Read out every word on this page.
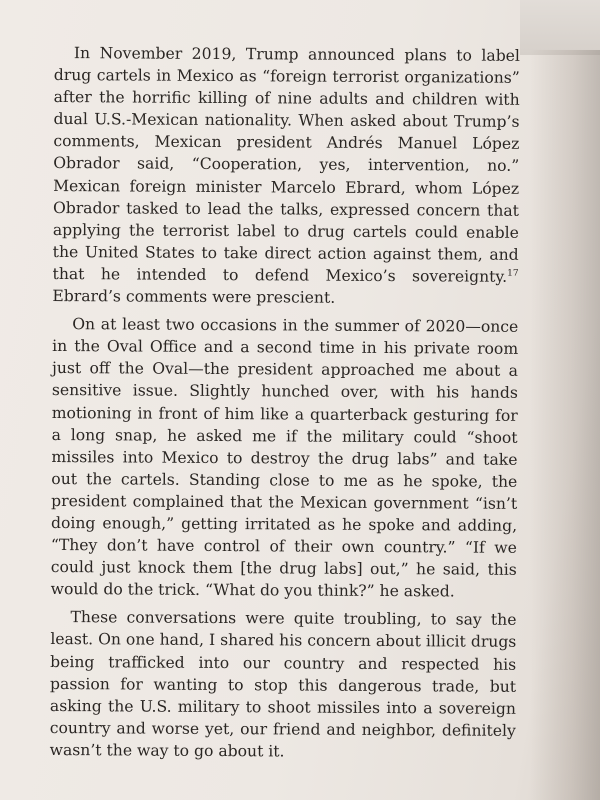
In November 2019, Trump announced plans to label drug cartels in Mexico as “foreign terrorist organizations” after the horrific killing of nine adults and children with dual U.S.-Mexican nationality. When asked about Trump’s comments, Mexican president Andrés Manuel López Obrador said, “Cooperation, yes, intervention, no.” Mexican foreign minister Marcelo Ebrard, whom López Obrador tasked to lead the talks, expressed concern that applying the terrorist label to drug cartels could enable the United States to take direct action against them, and that he intended to defend Mexico’s sovereignty.$^{17}$ Ebrard’s comments were prescient.

On at least two occasions in the summer of 2020—once in the Oval Office and a second time in his private room just off the Oval—the president approached me about a sensitive issue. Slightly hunched over, with his hands motioning in front of him like a quarterback gesturing for a long snap, he asked me if the military could “shoot missiles into Mexico to destroy the drug labs” and take out the cartels. Standing close to me as he spoke, the president complained that the Mexican government “isn’t doing enough,” getting irritated as he spoke and adding, “They don’t have control of their own country.” “If we could just knock them [the drug labs] out,” he said, this would do the trick. “What do you think?” he asked.

These conversations were quite troubling, to say the least. On one hand, I shared his concern about illicit drugs being trafficked into our country and respected his passion for wanting to stop this dangerous trade, but asking the U.S. military to shoot missiles into a sovereign country and worse yet, our friend and neighbor, definitely wasn’t the way to go about it.
